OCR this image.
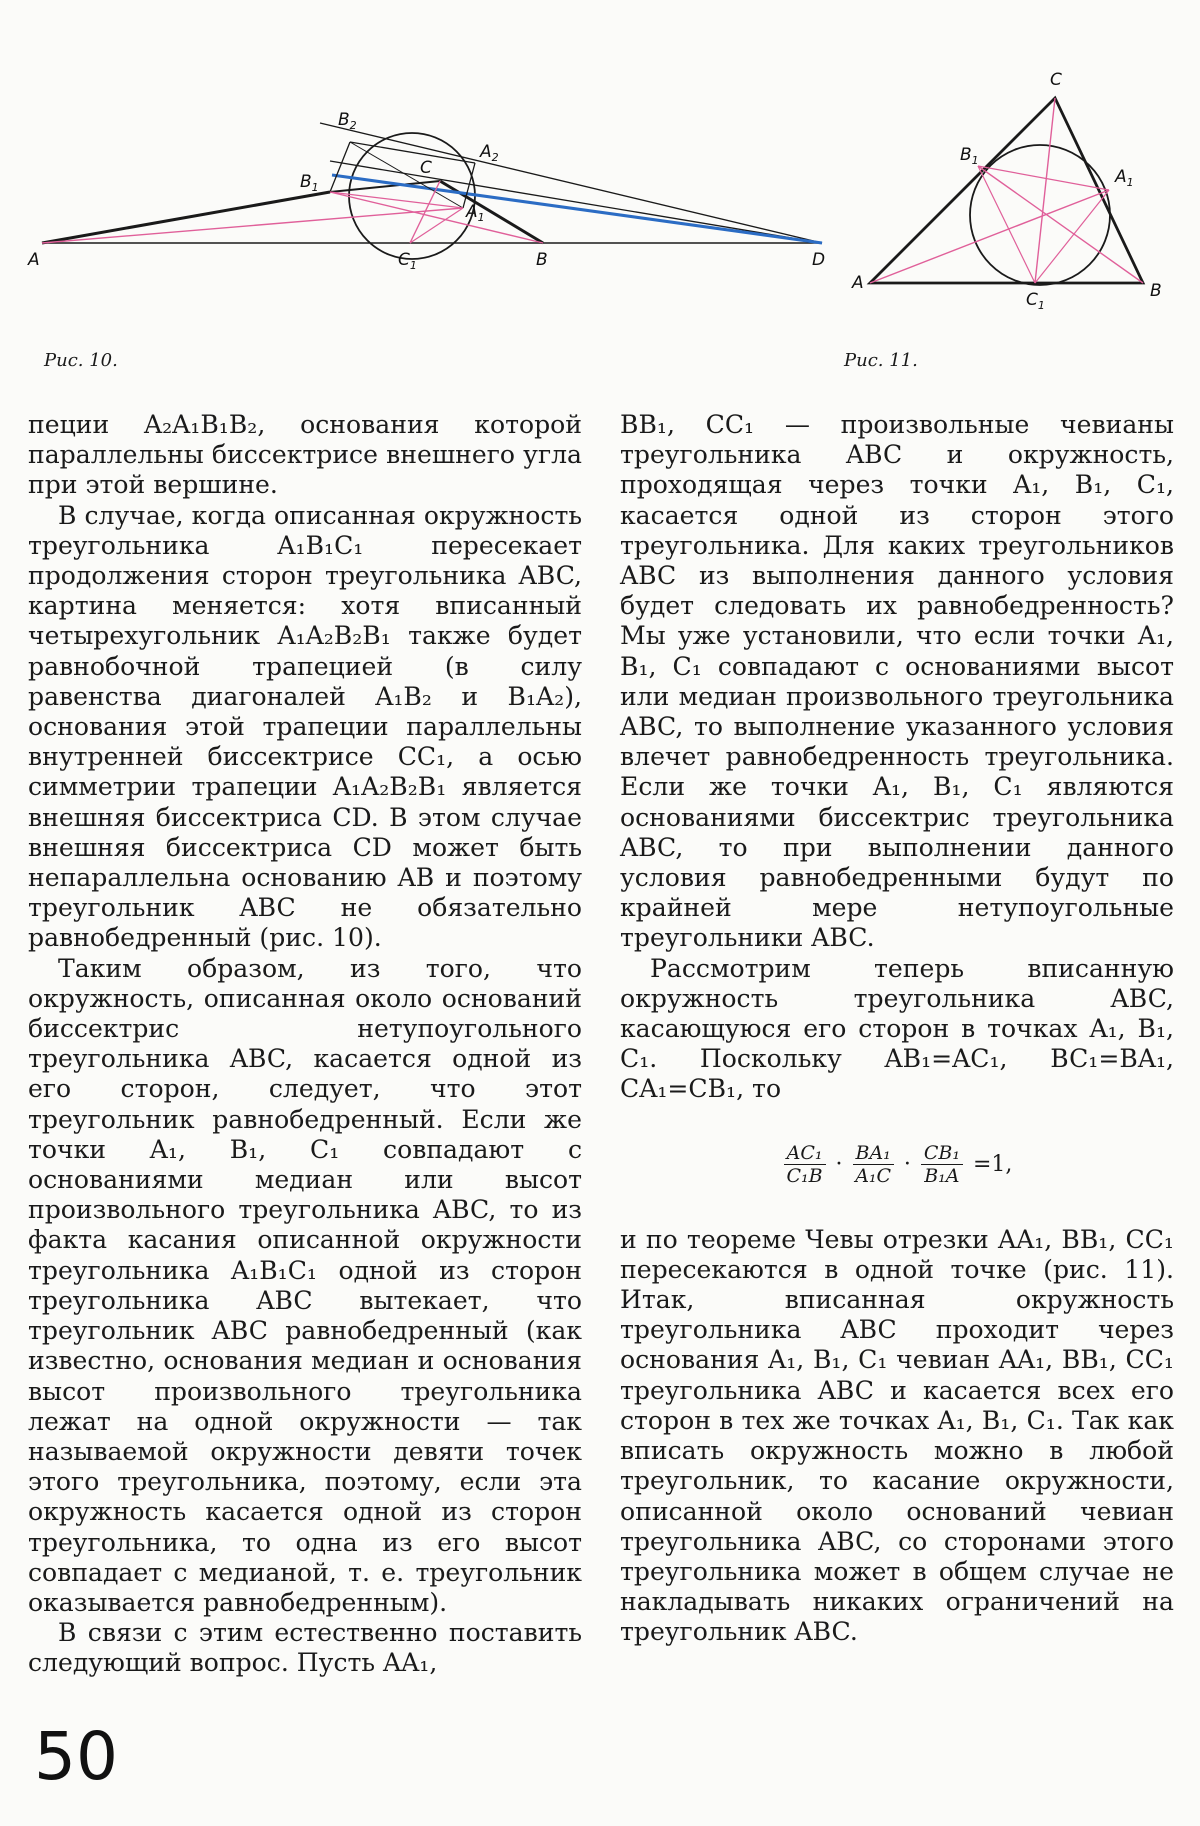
A	$C_1$	B	D
$B_2$
$B_1$
C
$A_2$
$A_1$
Рис. 10.
C
$B_1$
$A_1$
A
$C_1$
B
Рис. 11.

пеции A₂A₁B₁B₂, основания которой параллельны биссектрисе внешнего угла при этой вершине.

В случае, когда описанная окружность треугольника A₁B₁C₁ пересекает продолжения сторон треугольника ABC, картина меняется: хотя вписанный четырехугольник A₁A₂B₂B₁ также будет равнобочной трапецией (в силу равенства диагоналей A₁B₂ и B₁A₂), основания этой трапеции параллельны внутренней биссектрисе CC₁, а осью симметрии трапеции A₁A₂B₂B₁ является внешняя биссектриса CD. В этом случае внешняя биссектриса CD может быть непараллельна основанию AB и поэтому треугольник ABC не обязательно равнобедренный (рис. 10).

Таким образом, из того, что окружность, описанная около оснований биссектрис нетупоугольного треугольника ABC, касается одной из его сторон, следует, что этот треугольник равнобедренный. Если же точки A₁, B₁, C₁ совпадают с основаниями медиан или высот произвольного треугольника ABC, то из факта касания описанной окружности треугольника A₁B₁C₁ одной из сторон треугольника ABC вытекает, что треугольник ABC равнобедренный (как известно, основания медиан и основания высот произвольного треугольника лежат на одной окружности — так называемой окружности девяти точек этого треугольника, поэтому, если эта окружность касается одной из сторон треугольника, то одна из его высот совпадает с медианой, т. е. треугольник оказывается равнобедренным).

В связи с этим естественно поставить следующий вопрос. Пусть AA₁,

BB₁, CC₁ — произвольные чевианы треугольника ABC и окружность, проходящая через точки A₁, B₁, C₁, касается одной из сторон этого треугольника. Для каких треугольников ABC из выполнения данного условия будет следовать их равнобедренность? Мы уже установили, что если точки A₁, B₁, C₁ совпадают с основаниями высот или медиан произвольного треугольника ABC, то выполнение указанного условия влечет равнобедренность треугольника. Если же точки A₁, B₁, C₁ являются основаниями биссектрис треугольника ABC, то при выполнении данного условия равнобедренными будут по крайней мере нетупоугольные треугольники ABC.

Рассмотрим теперь вписанную окружность треугольника ABC, касающуюся его сторон в точках A₁, B₁, C₁. Поскольку AB₁=AC₁, BC₁=BA₁, CA₁=CB₁, то

$\frac{\text{AC₁}}{\text{C₁B}} \cdot \frac{\text{BA₁}}{\text{A₁C}} \cdot \frac{\text{CB₁}}{\text{B₁A}} =1$,

и по теореме Чевы отрезки AA₁, BB₁, CC₁ пересекаются в одной точке (рис. 11). Итак, вписанная окружность треугольника ABC проходит через основания A₁, B₁, C₁ чевиан AA₁, BB₁, CC₁ треугольника ABC и касается всех его сторон в тех же точках A₁, B₁, C₁. Так как вписать окружность можно в любой треугольник, то касание окружности, описанной около оснований чевиан треугольника ABC, со сторонами этого треугольника может в общем случае не накладывать никаких ограничений на треугольник ABC.

50
